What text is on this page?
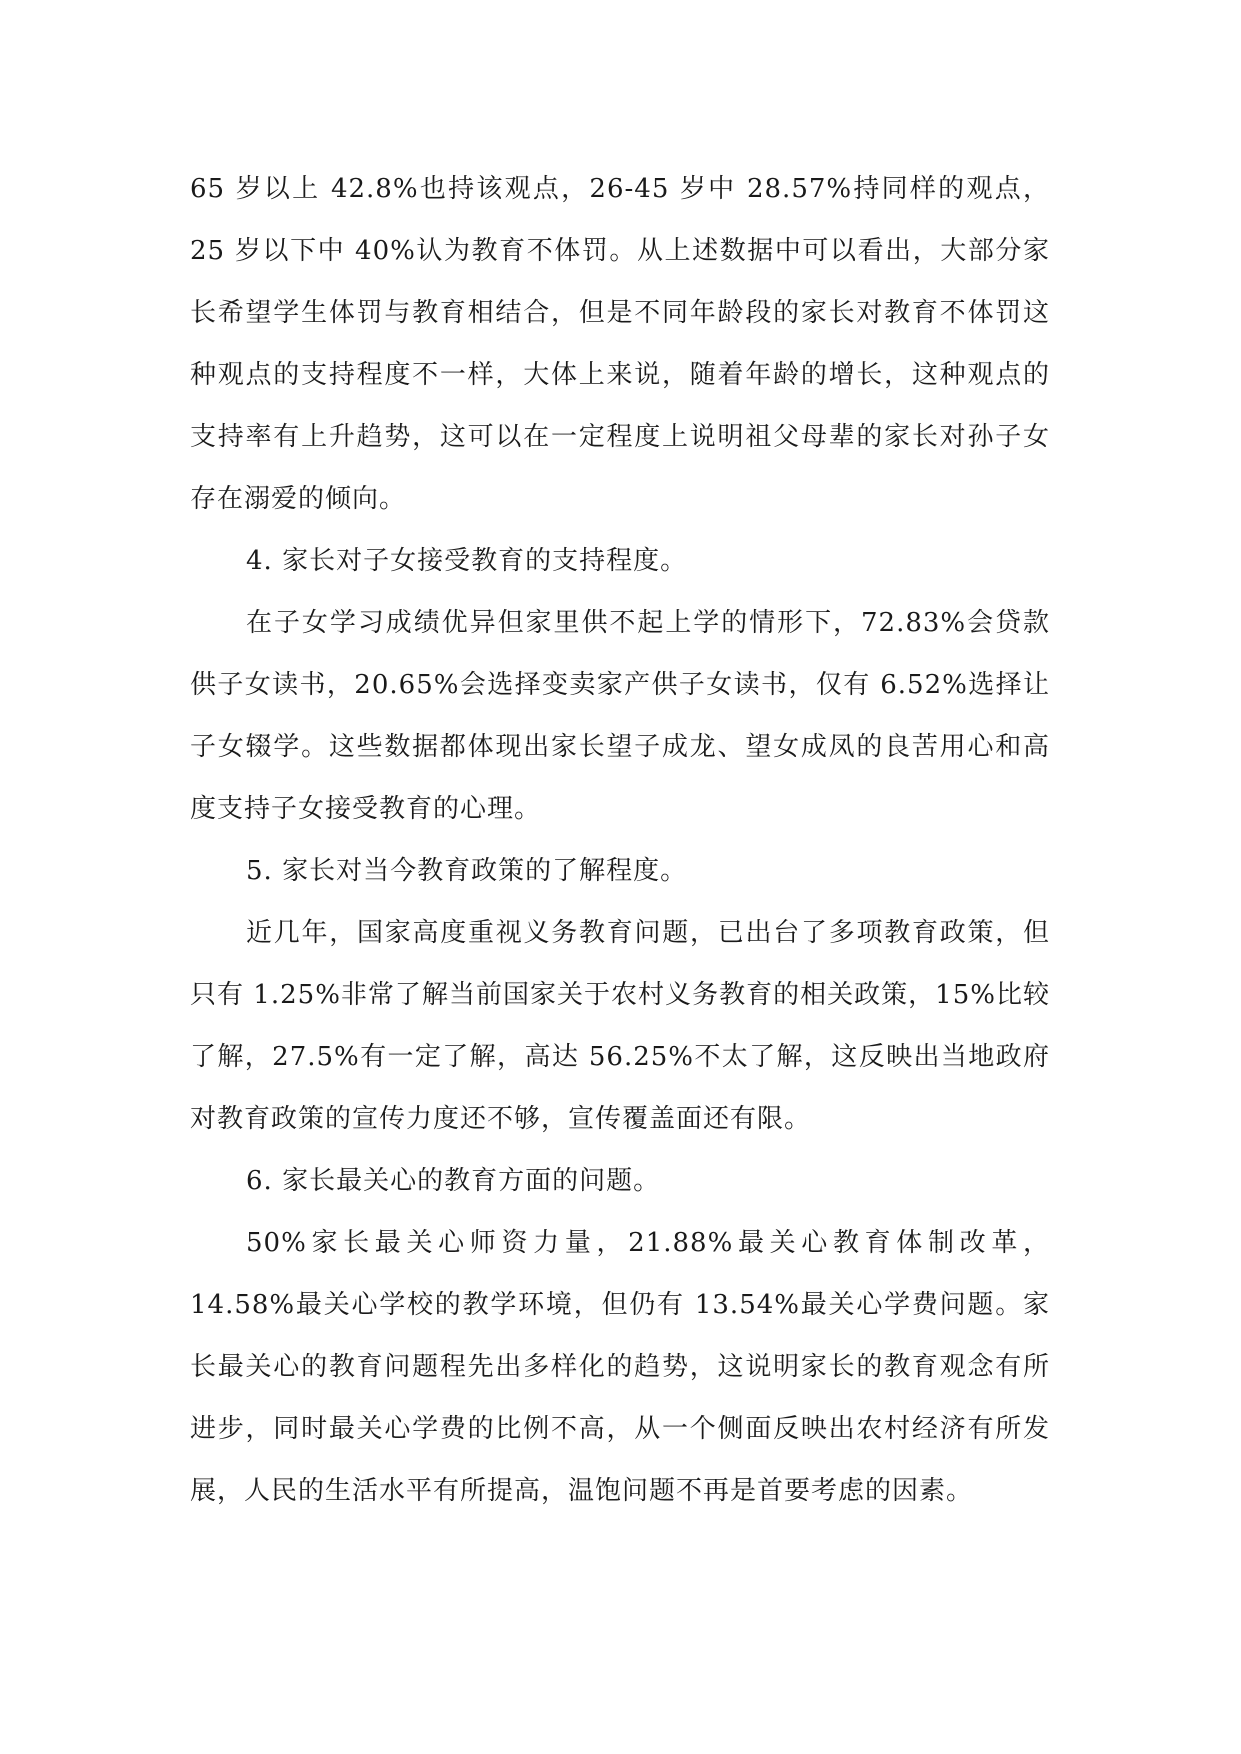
65 岁以上 42.8%也持该观点，26-45 岁中 28.57%持同样的观点，25 岁以下中 40%认为教育不体罚。从上述数据中可以看出，大部分家长希望学生体罚与教育相结合，但是不同年龄段的家长对教育不体罚这种观点的支持程度不一样，大体上来说，随着年龄的增长，这种观点的支持率有上升趋势，这可以在一定程度上说明祖父母辈的家长对孙子女存在溺爱的倾向。

4. 家长对子女接受教育的支持程度。

在子女学习成绩优异但家里供不起上学的情形下，72.83%会贷款供子女读书，20.65%会选择变卖家产供子女读书，仅有 6.52%选择让子女辍学。这些数据都体现出家长望子成龙、望女成凤的良苦用心和高度支持子女接受教育的心理。

5. 家长对当今教育政策的了解程度。

近几年，国家高度重视义务教育问题，已出台了多项教育政策，但只有 1.25%非常了解当前国家关于农村义务教育的相关政策，15%比较了解，27.5%有一定了解，高达 56.25%不太了解，这反映出当地政府对教育政策的宣传力度还不够，宣传覆盖面还有限。

6. 家长最关心的教育方面的问题。

50%家长最关心师资力量，21.88%最关心教育体制改革，14.58%最关心学校的教学环境，但仍有 13.54%最关心学费问题。家长最关心的教育问题程先出多样化的趋势，这说明家长的教育观念有所进步，同时最关心学费的比例不高，从一个侧面反映出农村经济有所发展，人民的生活水平有所提高，温饱问题不再是首要考虑的因素。
